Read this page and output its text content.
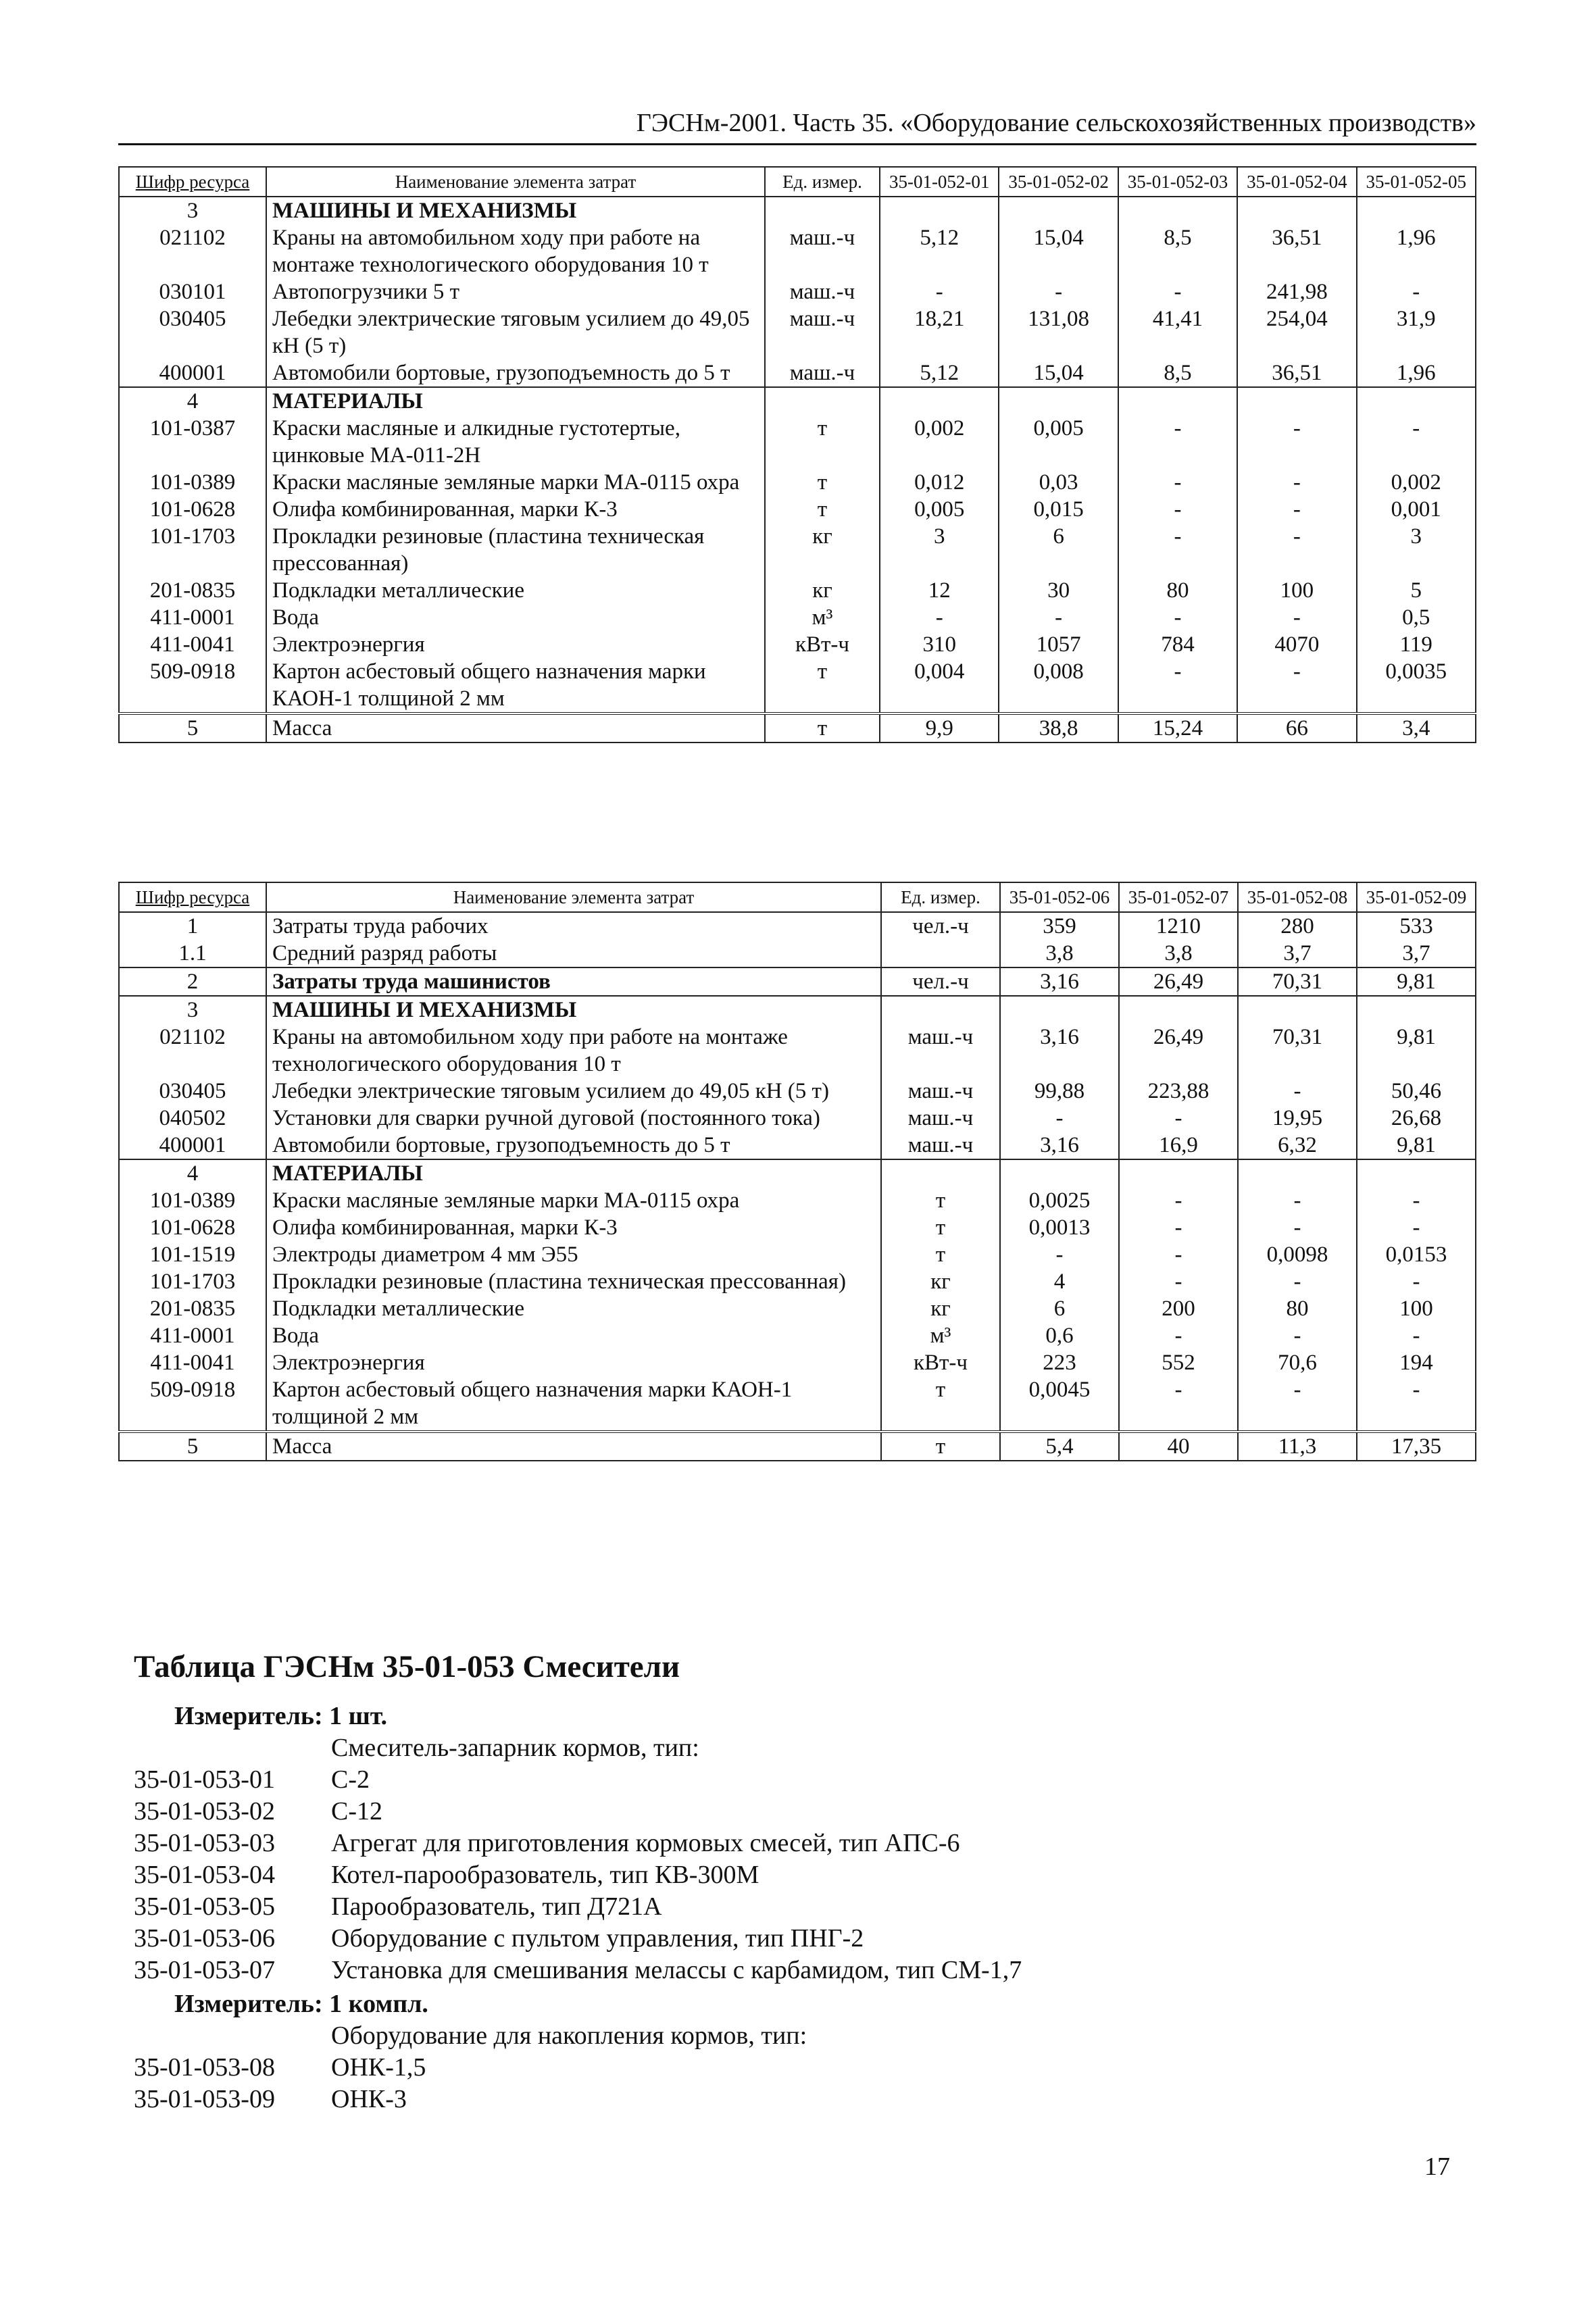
ГЭСНм-2001. Часть 35. «Оборудование сельскохозяйственных производств»
Шифр ресурса	Наименование элемента затрат	Ед. измер.	35-01-052-01	35-01-052-02	35-01-052-03	35-01-052-04	35-01-052-05
3	МАШИНЫ И МЕХАНИЗМЫ						
021102	Краны на автомобильном ходу при работе на монтаже технологического оборудования 10 т	маш.-ч	5,12	15,04	8,5	36,51	1,96
030101	Автопогрузчики 5 т	маш.-ч	-	-	-	241,98	-
030405	Лебедки электрические тяговым усилием до 49,05 кН (5 т)	маш.-ч	18,21	131,08	41,41	254,04	31,9
400001	Автомобили бортовые, грузоподъемность до 5 т	маш.-ч	5,12	15,04	8,5	36,51	1,96
4	МАТЕРИАЛЫ						
101-0387	Краски масляные и алкидные густотертые, цинковые МА-011-2Н	т	0,002	0,005	-	-	-
101-0389	Краски масляные земляные марки МА-0115 охра	т	0,012	0,03	-	-	0,002
101-0628	Олифа комбинированная, марки К-3	т	0,005	0,015	-	-	0,001
101-1703	Прокладки резиновые (пластина техническая прессованная)	кг	3	6	-	-	3
201-0835	Подкладки металлические	кг	12	30	80	100	5
411-0001	Вода	м³	-	-	-	-	0,5
411-0041	Электроэнергия	кВт-ч	310	1057	784	4070	119
509-0918	Картон асбестовый общего назначения марки КАОН-1 толщиной 2 мм	т	0,004	0,008	-	-	0,0035
5	Масса	т	9,9	38,8	15,24	66	3,4
Шифр ресурса	Наименование элемента затрат	Ед. измер.	35-01-052-06	35-01-052-07	35-01-052-08	35-01-052-09
1	Затраты труда рабочих	чел.-ч	359	1210	280	533
1.1	Средний разряд работы		3,8	3,8	3,7	3,7
2	Затраты труда машинистов	чел.-ч	3,16	26,49	70,31	9,81
3	МАШИНЫ И МЕХАНИЗМЫ					
021102	Краны на автомобильном ходу при работе на монтаже технологического оборудования 10 т	маш.-ч	3,16	26,49	70,31	9,81
030405	Лебедки электрические тяговым усилием до 49,05 кН (5 т)	маш.-ч	99,88	223,88	-	50,46
040502	Установки для сварки ручной дуговой (постоянного тока)	маш.-ч	-	-	19,95	26,68
400001	Автомобили бортовые, грузоподъемность до 5 т	маш.-ч	3,16	16,9	6,32	9,81
4	МАТЕРИАЛЫ					
101-0389	Краски масляные земляные марки МА-0115 охра	т	0,0025	-	-	-
101-0628	Олифа комбинированная, марки К-3	т	0,0013	-	-	-
101-1519	Электроды диаметром 4 мм Э55	т	-	-	0,0098	0,0153
101-1703	Прокладки резиновые (пластина техническая прессованная)	кг	4	-	-	-
201-0835	Подкладки металлические	кг	6	200	80	100
411-0001	Вода	м³	0,6	-	-	-
411-0041	Электроэнергия	кВт-ч	223	552	70,6	194
509-0918	Картон асбестовый общего назначения марки КАОН-1 толщиной 2 мм	т	0,0045	-	-	-
5	Масса	т	5,4	40	11,3	17,35
Таблица ГЭСНм 35-01-053 Смесители
Измеритель: 1 шт.
Смеситель-запарник кормов, тип:
35-01-053-01 С-2
35-01-053-02 С-12
35-01-053-03 Агрегат для приготовления кормовых смесей, тип АПС-6
35-01-053-04 Котел-парообразователь, тип КВ-300М
35-01-053-05 Парообразователь, тип Д721А
35-01-053-06 Оборудование с пультом управления, тип ПНГ-2
35-01-053-07 Установка для смешивания мелассы с карбамидом, тип СМ-1,7
Измеритель: 1 компл.
Оборудование для накопления кормов, тип:
35-01-053-08 ОНК-1,5
35-01-053-09 ОНК-3
17
